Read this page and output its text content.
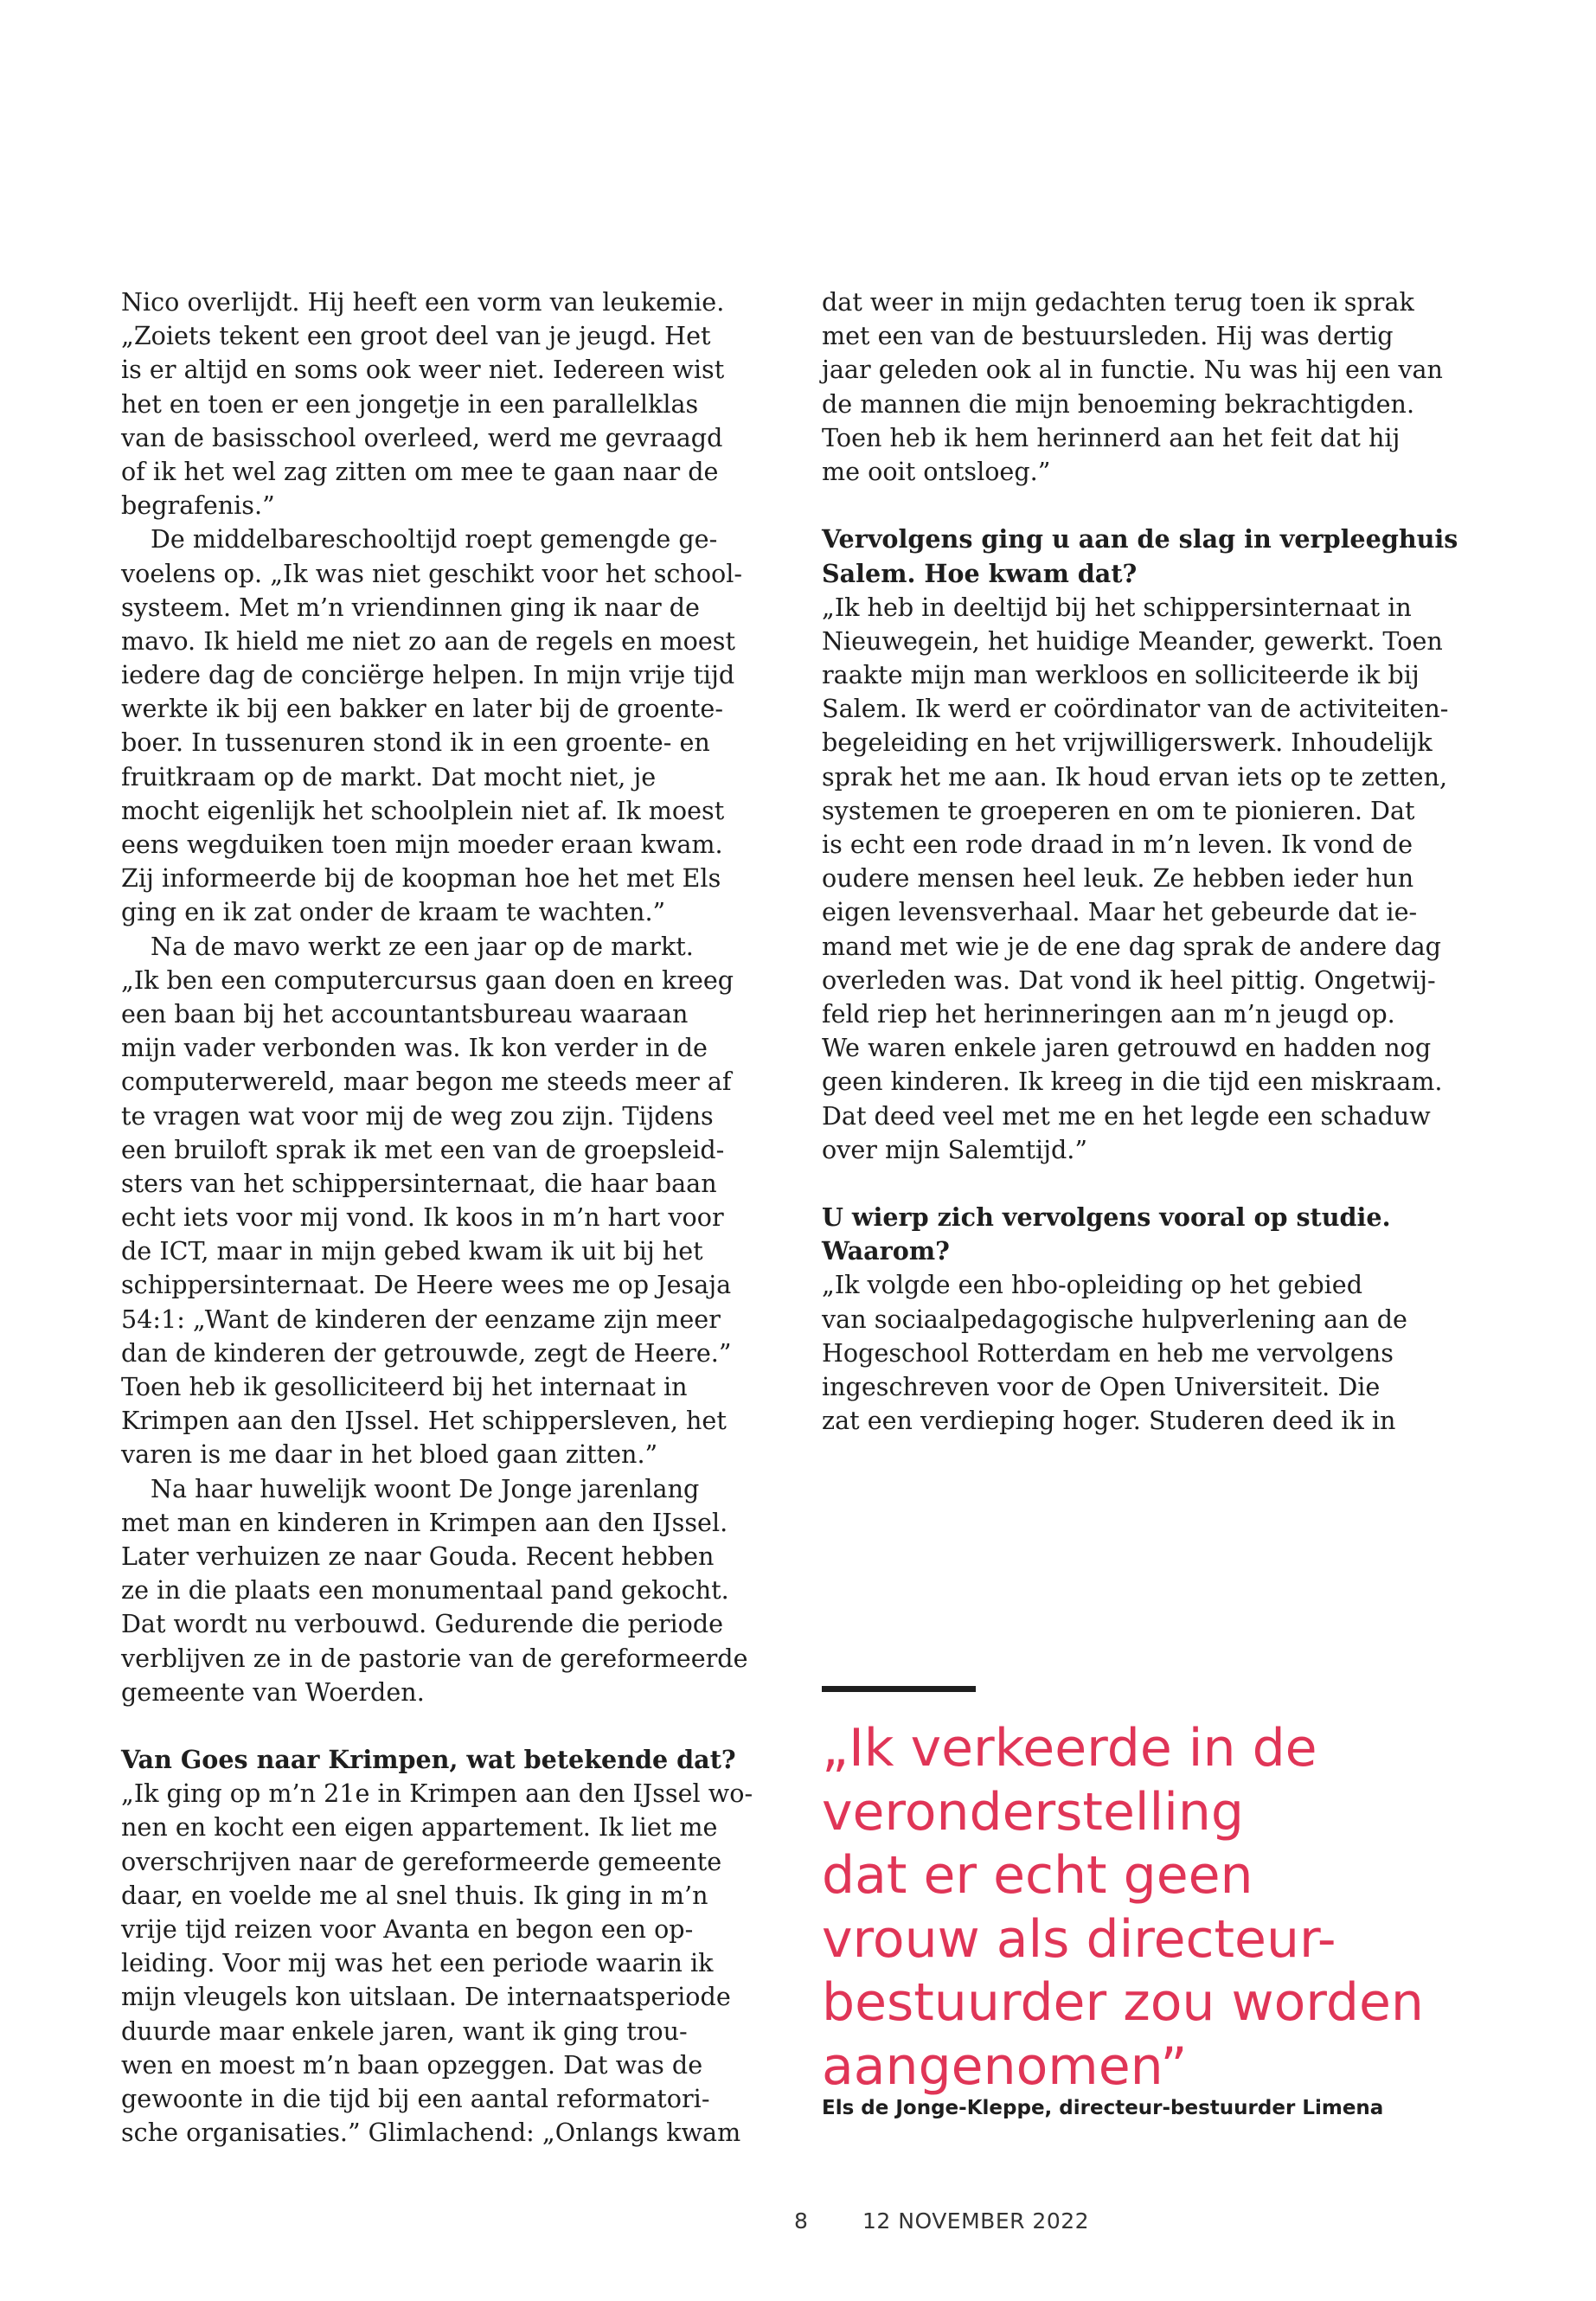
Nico overlijdt. Hij heeft een vorm van leukemie.
„Zoiets tekent een groot deel van je jeugd. Het
is er altijd en soms ook weer niet. Iedereen wist
het en toen er een jongetje in een parallelklas
van de basisschool overleed, werd me gevraagd
of ik het wel zag zitten om mee te gaan naar de
begrafenis.”
De middelbareschooltijd roept gemengde ge-
voelens op. „Ik was niet geschikt voor het school-
systeem. Met m’n vriendinnen ging ik naar de
mavo. Ik hield me niet zo aan de regels en moest
iedere dag de conciërge helpen. In mijn vrije tijd
werkte ik bij een bakker en later bij de groente-
boer. In tussenuren stond ik in een groente- en
fruitkraam op de markt. Dat mocht niet, je
mocht eigenlijk het schoolplein niet af. Ik moest
eens wegduiken toen mijn moeder eraan kwam.
Zij informeerde bij de koopman hoe het met Els
ging en ik zat onder de kraam te wachten.”
Na de mavo werkt ze een jaar op de markt.
„Ik ben een computercursus gaan doen en kreeg
een baan bij het accountantsbureau waaraan
mijn vader verbonden was. Ik kon verder in de
computerwereld, maar begon me steeds meer af
te vragen wat voor mij de weg zou zijn. Tijdens
een bruiloft sprak ik met een van de groepsleid-
sters van het schippersinternaat, die haar baan
echt iets voor mij vond. Ik koos in m’n hart voor
de ICT, maar in mijn gebed kwam ik uit bij het
schippersinternaat. De Heere wees me op Jesaja
54:1: „Want de kinderen der eenzame zijn meer
dan de kinderen der getrouwde, zegt de Heere.”
Toen heb ik gesolliciteerd bij het internaat in
Krimpen aan den IJssel. Het schippersleven, het
varen is me daar in het bloed gaan zitten.”
Na haar huwelijk woont De Jonge jarenlang
met man en kinderen in Krimpen aan den IJssel.
Later verhuizen ze naar Gouda. Recent hebben
ze in die plaats een monumentaal pand gekocht.
Dat wordt nu verbouwd. Gedurende die periode
verblijven ze in de pastorie van de gereformeerde
gemeente van Woerden.
Van Goes naar Krimpen, wat betekende dat?
„Ik ging op m’n 21e in Krimpen aan den IJssel wo-
nen en kocht een eigen appartement. Ik liet me
overschrijven naar de gereformeerde gemeente
daar, en voelde me al snel thuis. Ik ging in m’n
vrije tijd reizen voor Avanta en begon een op-
leiding. Voor mij was het een periode waarin ik
mijn vleugels kon uitslaan. De internaatsperiode
duurde maar enkele jaren, want ik ging trou-
wen en moest m’n baan opzeggen. Dat was de
gewoonte in die tijd bij een aantal reformatori-
sche organisaties.” Glimlachend: „Onlangs kwam
dat weer in mijn gedachten terug toen ik sprak
met een van de bestuursleden. Hij was dertig
jaar geleden ook al in functie. Nu was hij een van
de mannen die mijn benoeming bekrachtigden.
Toen heb ik hem herinnerd aan het feit dat hij
me ooit ontsloeg.”
Vervolgens ging u aan de slag in verpleeghuis
Salem. Hoe kwam dat?
„Ik heb in deeltijd bij het schippersinternaat in
Nieuwegein, het huidige Meander, gewerkt. Toen
raakte mijn man werkloos en solliciteerde ik bij
Salem. Ik werd er coördinator van de activiteiten-
begeleiding en het vrijwilligerswerk. Inhoudelijk
sprak het me aan. Ik houd ervan iets op te zetten,
systemen te groeperen en om te pionieren. Dat
is echt een rode draad in m’n leven. Ik vond de
oudere mensen heel leuk. Ze hebben ieder hun
eigen levensverhaal. Maar het gebeurde dat ie-
mand met wie je de ene dag sprak de andere dag
overleden was. Dat vond ik heel pittig. Ongetwij-
feld riep het herinneringen aan m’n jeugd op.
We waren enkele jaren getrouwd en hadden nog
geen kinderen. Ik kreeg in die tijd een miskraam.
Dat deed veel met me en het legde een schaduw
over mijn Salemtijd.”
U wierp zich vervolgens vooral op studie.
Waarom?
„Ik volgde een hbo-opleiding op het gebied
van sociaalpedagogische hulpverlening aan de
Hogeschool Rotterdam en heb me vervolgens
ingeschreven voor de Open Universiteit. Die
zat een verdieping hoger. Studeren deed ik in
„Ik verkeerde in de
veronderstelling
dat er echt geen
vrouw als directeur-
bestuurder zou worden
aangenomen”
Els de Jonge-Kleppe, directeur-bestuurder Limena
8	12 NOVEMBER 2022
